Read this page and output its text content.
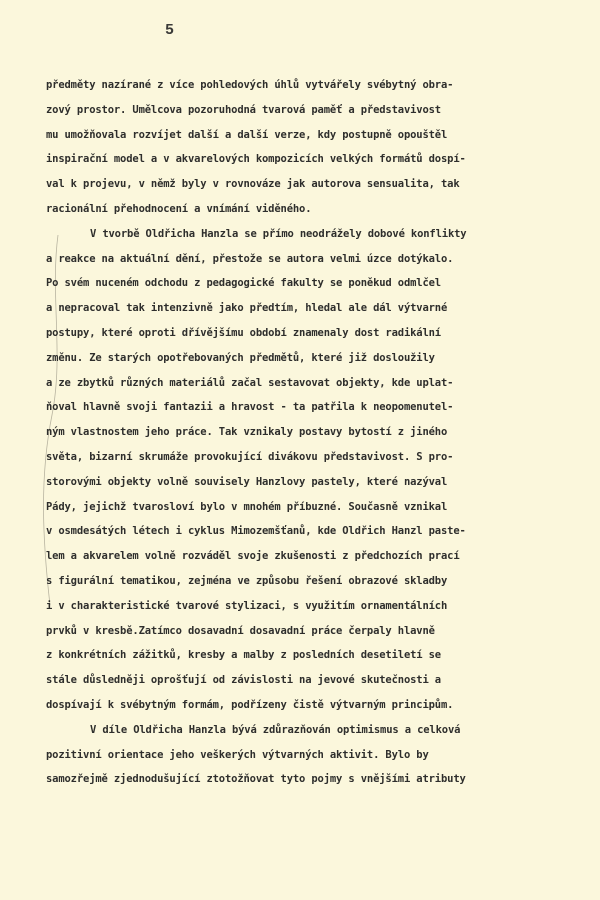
5
předměty nazírané z více pohledových úhlů vytvářely svébytný obra-
zový prostor. Umělcova pozoruhodná tvarová paměť a představivost
mu umožňovala rozvíjet další a další verze, kdy postupně opouštěl
inspirační model a v akvarelových kompozicích velkých formátů dospí-
val k projevu, v němž byly v rovnováze jak autorova sensualita, tak
racionální přehodnocení a vnímání viděného.
V tvorbě Oldřicha Hanzla se přímo neodrážely dobové konflikty
a reakce na aktuální dění, přestože se autora velmi úzce dotýkalo.
Po svém nuceném odchodu z pedagogické fakulty se poněkud odmlčel
a nepracoval tak intenzivně jako předtím, hledal ale dál výtvarné
postupy, které oproti dřívějšímu období znamenaly dost radikální
změnu. Ze starých opotřebovaných předmětů, které již dosloužily
a ze zbytků různých materiálů začal sestavovat objekty, kde uplat-
ňoval hlavně svoji fantazii a hravost - ta patřila k neopomenutel-
ným vlastnostem jeho práce. Tak vznikaly postavy bytostí z jiného
světa, bizarní skrumáže provokující divákovu představivost. S pro-
storovými objekty volně souvisely Hanzlovy pastely, které nazýval
Pády, jejichž tvarosloví bylo v mnohém příbuzné. Současně vznikal
v osmdesátých létech i cyklus Mimozemšťanů, kde Oldřich Hanzl paste-
lem a akvarelem volně rozváděl svoje zkušenosti z předchozích prací
s figurální tematikou, zejména ve způsobu řešení obrazové skladby
i v charakteristické tvarové stylizaci, s využitím ornamentálních
prvků v kresbě.Zatímco dosavadní dosavadní práce čerpaly hlavně
z konkrétních zážitků, kresby a malby z posledních desetiletí se
stále důsledněji oprošťují od závislosti na jevové skutečnosti a
dospívají k svébytným formám, podřízeny čistě výtvarným principům.
V díle Oldřicha Hanzla bývá zdůrazňován optimismus a celková
pozitivní orientace jeho veškerých výtvarných aktivit. Bylo by
samozřejmě zjednodušující ztotožňovat tyto pojmy s vnějšími atributy
